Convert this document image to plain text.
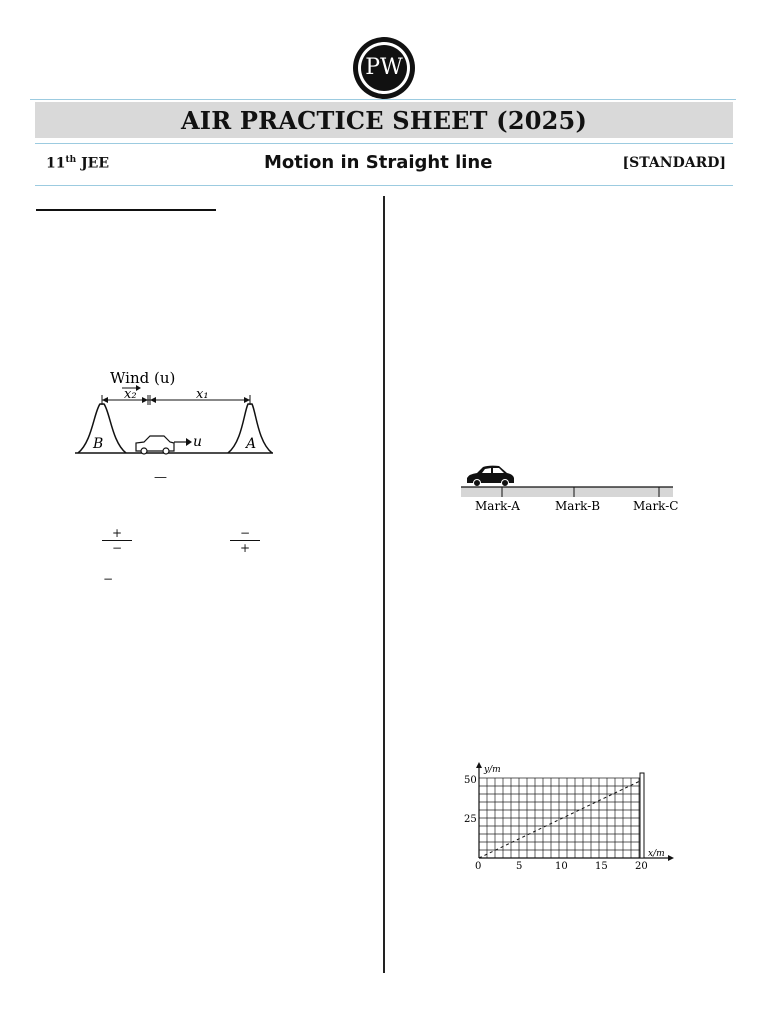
PW
AIR PRACTICE SHEET (2025)
11th JEE	Motion in Straight line	[STANDARD]
Wind (u)
x₂	x₁
B	A
u
—
+
−
−
+
−
Mark-A	Mark-B	Mark-C
y/m
x/m
50
25
0	5	10	15	20
